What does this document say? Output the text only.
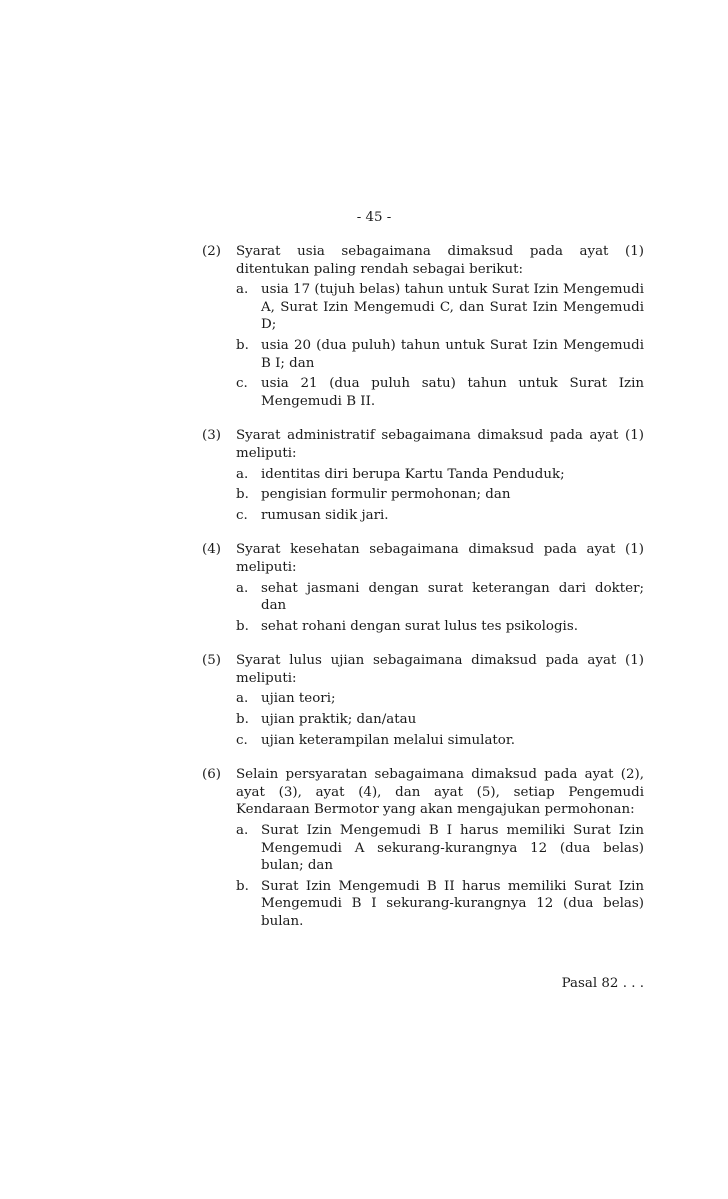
- 45 -
(2) Syarat usia sebagaimana dimaksud pada ayat (1) ditentukan paling rendah sebagai berikut:

a. usia 17 (tujuh belas) tahun untuk Surat Izin Mengemudi A, Surat Izin Mengemudi C, dan Surat Izin Mengemudi D;
b. usia 20 (dua puluh) tahun untuk Surat Izin Mengemudi B I; dan
c. usia 21 (dua puluh satu) tahun untuk Surat Izin Mengemudi B II.
(3) Syarat administratif sebagaimana dimaksud pada ayat (1) meliputi:

a. identitas diri berupa Kartu Tanda Penduduk;
b. pengisian formulir permohonan; dan
c. rumusan sidik jari.
(4) Syarat kesehatan sebagaimana dimaksud pada ayat (1) meliputi:

a. sehat jasmani dengan surat keterangan dari dokter; dan
b. sehat rohani dengan surat lulus tes psikologis.
(5) Syarat lulus ujian sebagaimana dimaksud pada ayat (1) meliputi:

a. ujian teori;
b. ujian praktik; dan/atau
c. ujian keterampilan melalui simulator.
(6) Selain persyaratan sebagaimana dimaksud pada ayat (2), ayat (3), ayat (4), dan ayat (5), setiap Pengemudi Kendaraan Bermotor yang akan mengajukan permohonan:

a. Surat Izin Mengemudi B I harus memiliki Surat Izin Mengemudi A sekurang-kurangnya 12 (dua belas) bulan; dan
b. Surat Izin Mengemudi B II harus memiliki Surat Izin Mengemudi B I sekurang-kurangnya 12 (dua belas) bulan.
Pasal 82 . . .
